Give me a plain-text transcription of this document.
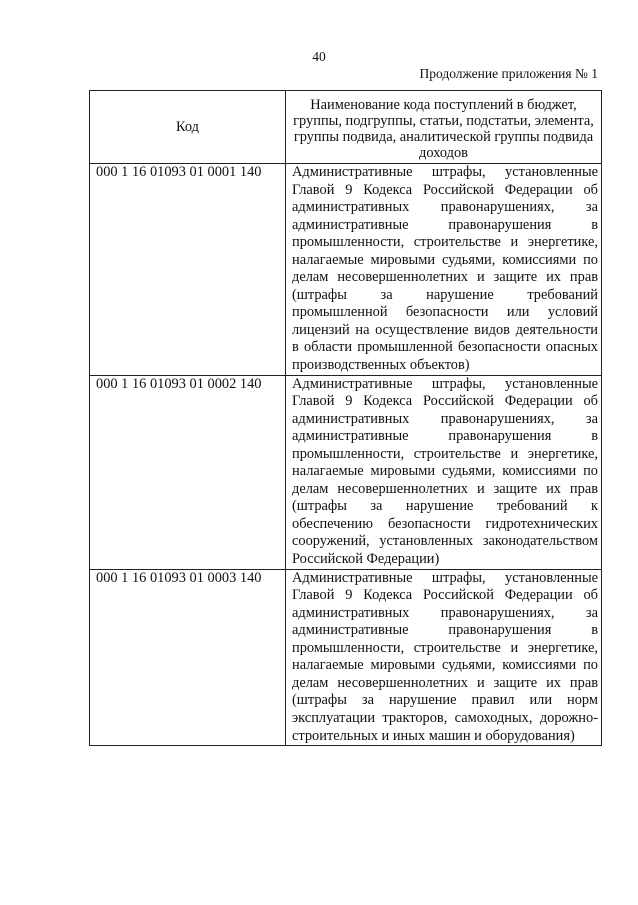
40
Продолжение приложения № 1
Код	Наименование кода поступлений в бюджет, группы, подгруппы, статьи, подстатьи, элемента, группы подвида, аналитической группы подвида доходов
000 1 16 01093 01 0001 140	Административные штрафы, установленные Главой 9 Кодекса Российской Федерации об административных правонарушениях, за административные правонарушения в промышленности, строительстве и энергетике, налагаемые мировыми судьями, комиссиями по делам несовершеннолетних и защите их прав (штрафы за нарушение требований промышленной безопасности или условий лицензий на осуществление видов деятельности в области промышленной безопасности опасных производственных объектов)
000 1 16 01093 01 0002 140	Административные штрафы, установленные Главой 9 Кодекса Российской Федерации об административных правонарушениях, за административные правонарушения в промышленности, строительстве и энергетике, налагаемые мировыми судьями, комиссиями по делам несовершеннолетних и защите их прав (штрафы за нарушение требований к обеспечению безопасности гидротехнических сооружений, установленных законодательством Российской Федерации)
000 1 16 01093 01 0003 140	Административные штрафы, установленные Главой 9 Кодекса Российской Федерации об административных правонарушениях, за административные правонарушения в промышленности, строительстве и энергетике, налагаемые мировыми судьями, комиссиями по делам несовершеннолетних и защите их прав (штрафы за нарушение правил или норм эксплуатации тракторов, самоходных, дорожно-строительных и иных машин и оборудования)
